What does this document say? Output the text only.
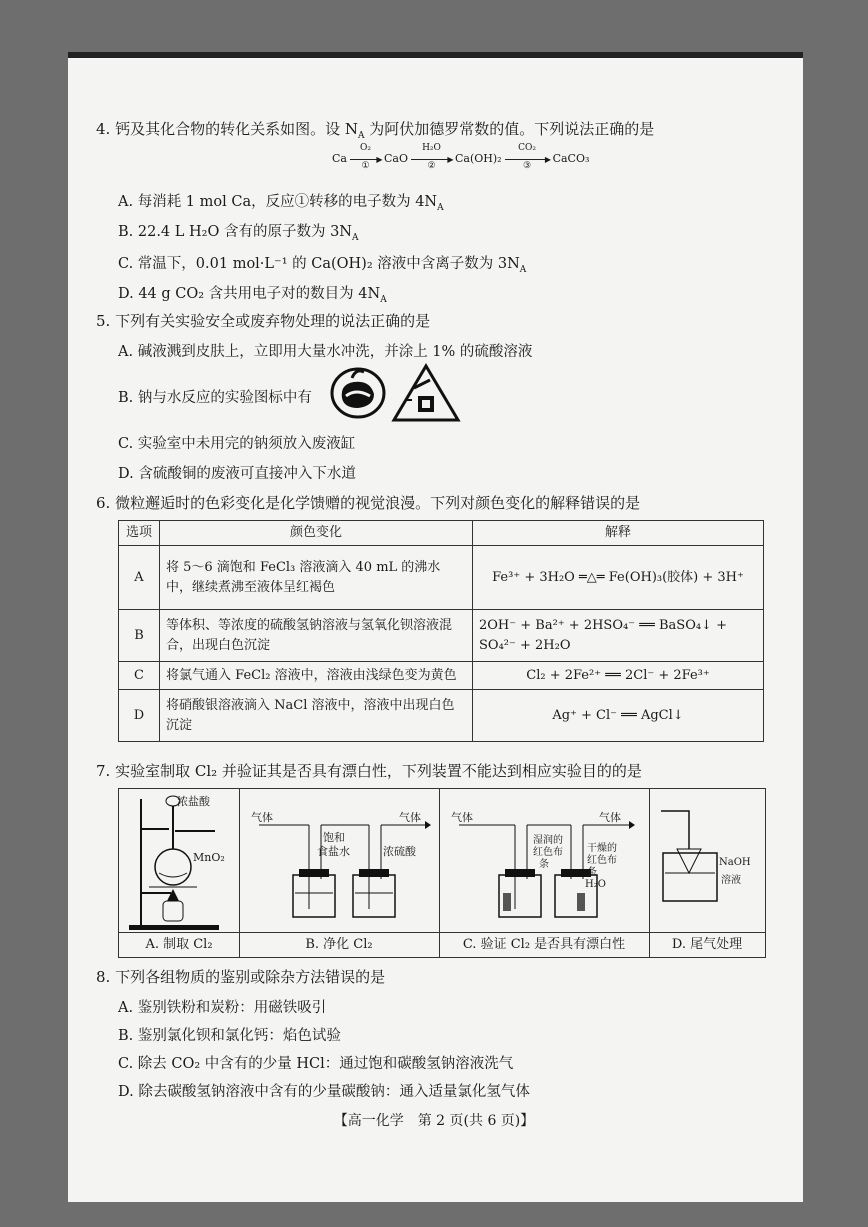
4. 钙及其化合物的转化关系如图。设 $N_A$ 为阿伏加德罗常数的值。下列说法正确的是
Ca
O₂
▶
①
CaO
H₂O
▶
②
Ca(OH)₂
CO₂
▶
③
CaCO₃
A. 每消耗 1 mol Ca，反应①转移的电子数为 $4N_A$
B. 22.4 L H₂O 含有的原子数为 $3N_A$
C. 常温下，0.01 mol·L⁻¹ 的 Ca(OH)₂ 溶液中含离子数为 $3N_A$
D. 44 g CO₂ 含共用电子对的数目为 $4N_A$
5. 下列有关实验安全或废弃物处理的说法正确的是
A. 碱液溅到皮肤上，立即用大量水冲洗，并涂上 1% 的硫酸溶液
B. 钠与水反应的实验图标中有
C. 实验室中未用完的钠须放入废液缸
D. 含硫酸铜的废液可直接冲入下水道
6. 微粒邂逅时的色彩变化是化学馈赠的视觉浪漫。下列对颜色变化的解释错误的是
选项	颜色变化	解释
A	将 5～6 滴饱和 FeCl₃ 溶液滴入 40 mL 的沸水中，继续煮沸至液体呈红褐色	Fe³⁺ + 3H₂O ═△═ Fe(OH)₃(胶体) + 3H⁺
B	等体积、等浓度的硫酸氢钠溶液与氢氧化钡溶液混合，出现白色沉淀	2OH⁻ + Ba²⁺ + 2HSO₄⁻ ══ BaSO₄↓ + SO₄²⁻ + 2H₂O
C	将氯气通入 FeCl₂ 溶液中，溶液由浅绿色变为黄色	Cl₂ + 2Fe²⁺ ══ 2Cl⁻ + 2Fe³⁺
D	将硝酸银溶液滴入 NaCl 溶液中，溶液中出现白色沉淀	Ag⁺ + Cl⁻ ══ AgCl↓
7. 实验室制取 Cl₂ 并验证其是否具有漂白性，下列装置不能达到相应实验目的的是
浓盐酸
MnO₂
A. 制取 Cl₂
气体	气体
饱和
食盐水	浓硫酸
B. 净化 Cl₂
气体	气体
湿润的
红色布
条
干燥的
红色布
条
H₂O
C. 验证 Cl₂ 是否具有漂白性
NaOH
溶液
D. 尾气处理
8. 下列各组物质的鉴别或除杂方法错误的是
A. 鉴别铁粉和炭粉：用磁铁吸引
B. 鉴别氯化钡和氯化钙：焰色试验
C. 除去 CO₂ 中含有的少量 HCl：通过饱和碳酸氢钠溶液洗气
D. 除去碳酸氢钠溶液中含有的少量碳酸钠：通入适量氯化氢气体
【高一化学　第 2 页(共 6 页)】
